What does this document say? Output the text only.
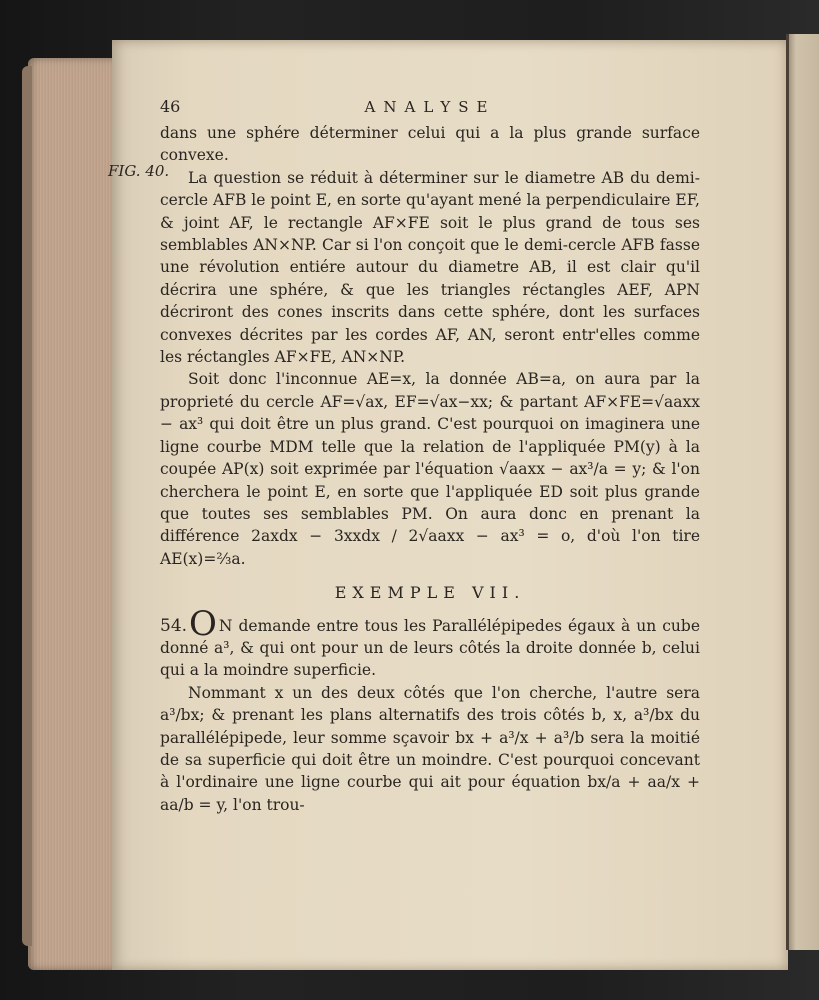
FIG. 40.
46	ANALYSE

dans une sphére déterminer celui qui a la plus grande surface convexe.

La question se réduit à déterminer sur le diametre AB du demi-cercle AFB le point E, en sorte qu'ayant mené la perpendiculaire EF, & joint AF, le rectangle AF×FE soit le plus grand de tous ses semblables AN×NP. Car si l'on conçoit que le demi-cercle AFB fasse une révolution entiére autour du diametre AB, il est clair qu'il décrira une sphére, & que les triangles réctangles AEF, APN décriront des cones inscrits dans cette sphére, dont les surfaces convexes décrites par les cordes AF, AN, seront entr'elles comme les réctangles AF×FE, AN×NP.

Soit donc l'inconnue AE=x, la donnée AB=a, on aura par la proprieté du cercle AF=√ax, EF=√ax−xx; & partant AF×FE=√aaxx − ax³ qui doit être un plus grand. C'est pourquoi on imaginera une ligne courbe MDM telle que la relation de l'appliquée PM(y) à la coupée AP(x) soit exprimée par l'équation √aaxx − ax³/a = y; & l'on cherchera le point E, en sorte que l'appliquée ED soit plus grande que toutes ses semblables PM. On aura donc en prenant la différence 2axdx − 3xxdx / 2√aaxx − ax³ = o, d'où l'on tire AE(x)=⅔a.

EXEMPLE VII.

54.O N demande entre tous les Parallélépipedes égaux à un cube donné a³, & qui ont pour un de leurs côtés la droite donnée b, celui qui a la moindre superficie.

Nommant x un des deux côtés que l'on cherche, l'autre sera a³/bx; & prenant les plans alternatifs des trois côtés b, x, a³/bx du parallélépipede, leur somme sçavoir bx + a³/x + a³/b sera la moitié de sa superficie qui doit être un moindre. C'est pourquoi concevant à l'ordinaire une ligne courbe qui ait pour équation bx/a + aa/x + aa/b = y, l'on trou-
